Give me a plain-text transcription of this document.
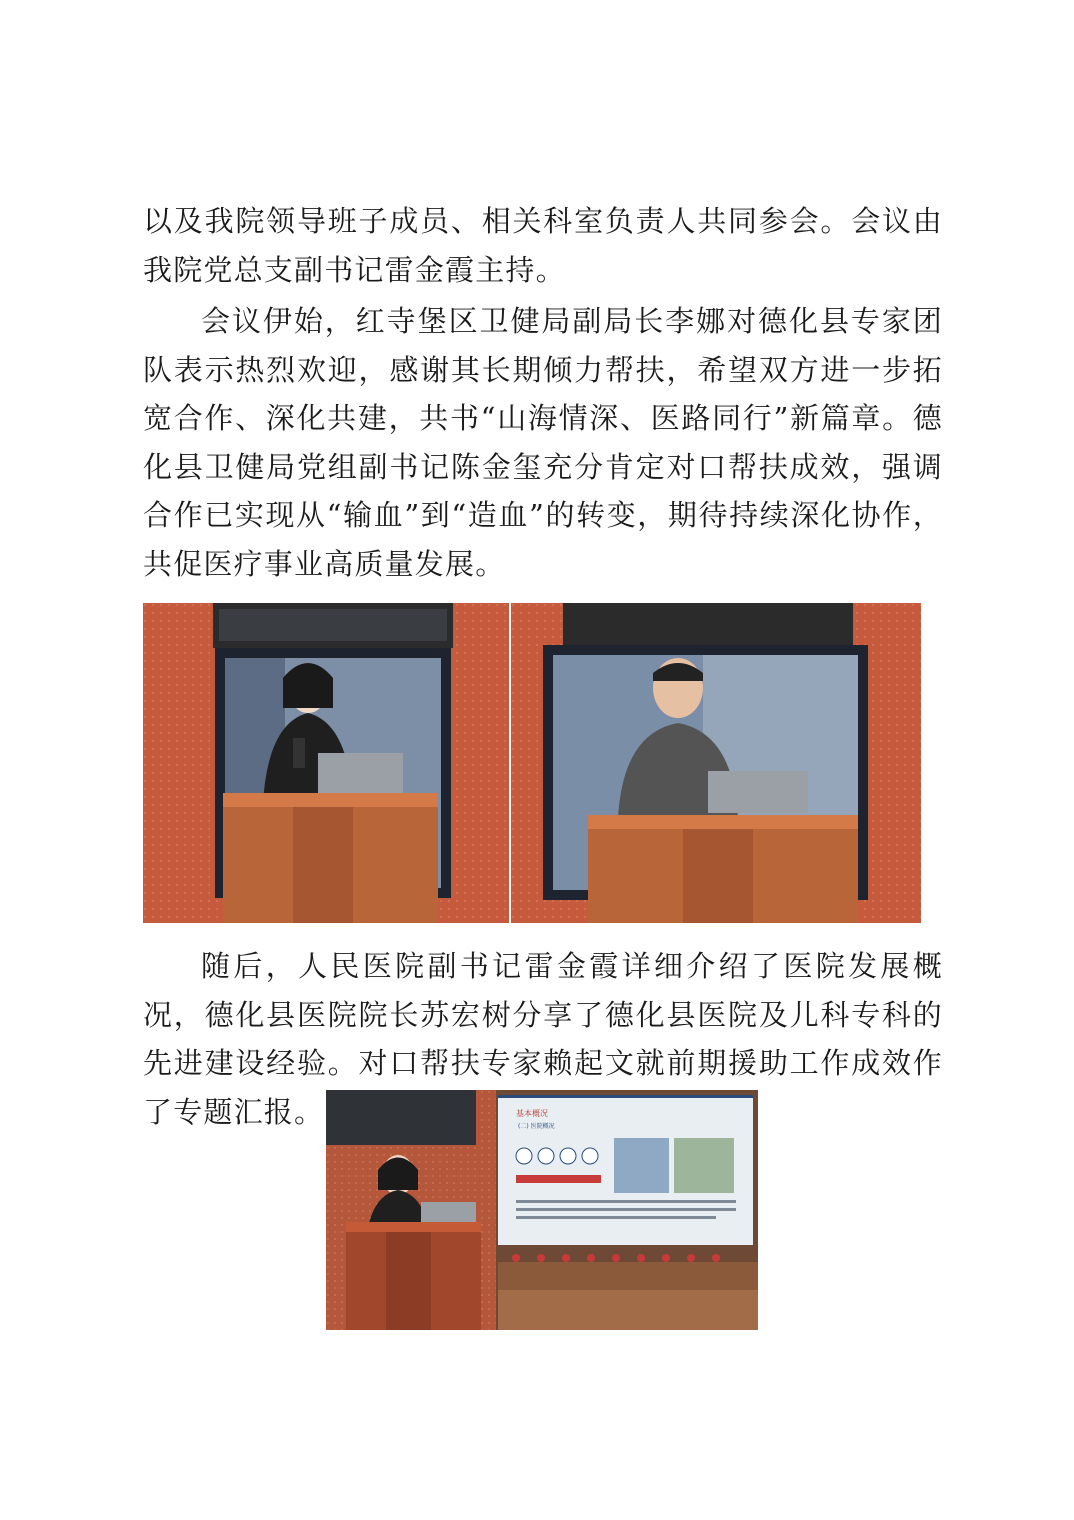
以及我院领导班子成员、相关科室负责人共同参会。会议由我院党总支副书记雷金霞主持。

会议伊始，红寺堡区卫健局副局长李娜对德化县专家团队表示热烈欢迎，感谢其长期倾力帮扶，希望双方进一步拓宽合作、深化共建，共书“山海情深、医路同行”新篇章。德化县卫健局党组副书记陈金玺充分肯定对口帮扶成效，强调合作已实现从“输血”到“造血”的转变，期待持续深化协作，共促医疗事业高质量发展。

随后，人民医院副书记雷金霞详细介绍了医院发展概况，德化县医院院长苏宏树分享了德化县医院及儿科专科的先进建设经验。对口帮扶专家赖起文就前期援助工作成效作了专题汇报。	基本概况
(二) 医院概况
